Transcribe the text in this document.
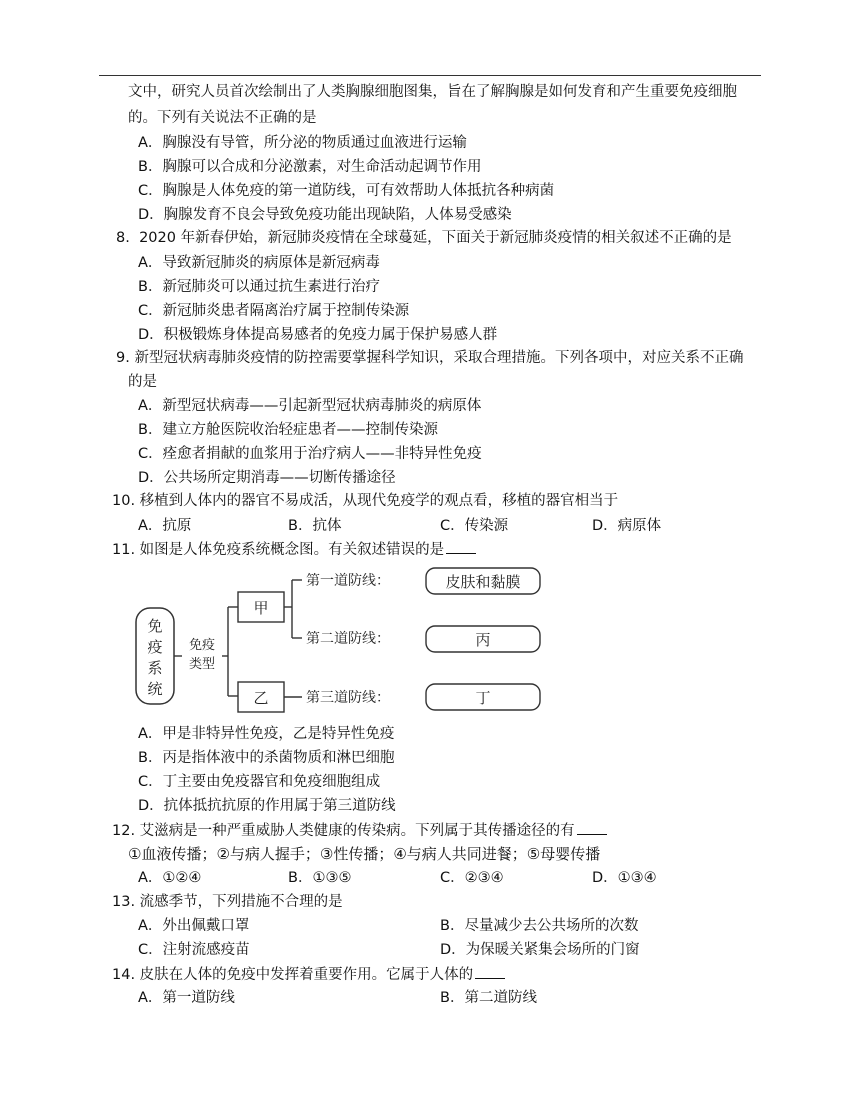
文中，研究人员首次绘制出了人类胸腺细胞图集，旨在了解胸腺是如何发育和产生重要免疫细胞
的。下列有关说法不正确的是
A．胸腺没有导管，所分泌的物质通过血液进行运输
B．胸腺可以合成和分泌激素，对生命活动起调节作用
C．胸腺是人体免疫的第一道防线，可有效帮助人体抵抗各种病菌
D．胸腺发育不良会导致免疫功能出现缺陷，人体易受感染
8. 2020 年新春伊始，新冠肺炎疫情在全球蔓延，下面关于新冠肺炎疫情的相关叙述不正确的是
A．导致新冠肺炎的病原体是新冠病毒
B．新冠肺炎可以通过抗生素进行治疗
C．新冠肺炎患者隔离治疗属于控制传染源
D．积极锻炼身体提高易感者的免疫力属于保护易感人群
9. 新型冠状病毒肺炎疫情的防控需要掌握科学知识，采取合理措施。下列各项中，对应关系不正确
的是
A．新型冠状病毒——引起新型冠状病毒肺炎的病原体
B．建立方舱医院收治轻症患者——控制传染源
C．痊愈者捐献的血浆用于治疗病人——非特异性免疫
D．公共场所定期消毒——切断传播途径
10. 移植到人体内的器官不易成活，从现代免疫学的观点看，移植的器官相当于
A．抗原	B．抗体	C．传染源	D．病原体
11. 如图是人体免疫系统概念图。有关叙述错误的是
免
疫
系
统
免疫
类型
甲
乙
第一道防线：
第二道防线：
第三道防线：
皮肤和黏膜
丙
丁
A．甲是非特异性免疫，乙是特异性免疫
B．丙是指体液中的杀菌物质和淋巴细胞
C．丁主要由免疫器官和免疫细胞组成
D．抗体抵抗抗原的作用属于第三道防线
12. 艾滋病是一种严重威胁人类健康的传染病。下列属于其传播途径的有
①血液传播；②与病人握手；③性传播；④与病人共同进餐；⑤母婴传播
A．①②④	B．①③⑤	C．②③④	D．①③④
13. 流感季节，下列措施不合理的是
A．外出佩戴口罩	B．尽量减少去公共场所的次数
C．注射流感疫苗	D．为保暖关紧集会场所的门窗
14. 皮肤在人体的免疫中发挥着重要作用。它属于人体的
A．第一道防线	B．第二道防线
